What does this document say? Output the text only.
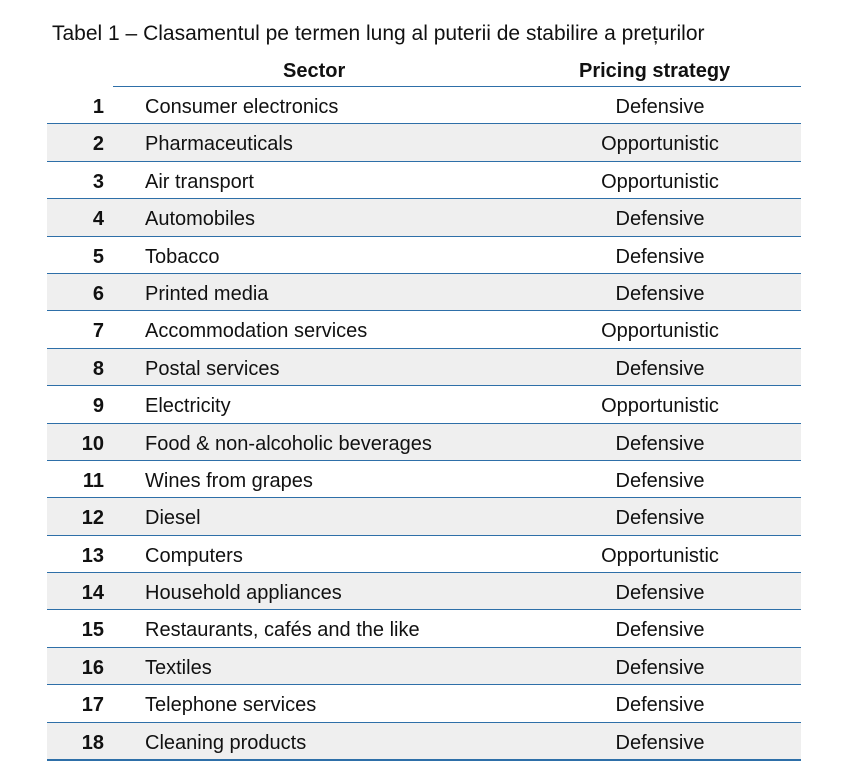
Tabel 1 – Clasamentul pe termen lung al puterii de stabilire a prețurilor
Sector	Pricing strategy
1 Consumer electronics	Defensive
2 Pharmaceuticals	Opportunistic
3 Air transport	Opportunistic
4 Automobiles	Defensive
5 Tobacco	Defensive
6 Printed media	Defensive
7 Accommodation services	Opportunistic
8 Postal services	Defensive
9 Electricity	Opportunistic
10 Food & non-alcoholic beverages	Defensive
11 Wines from grapes	Defensive
12 Diesel	Defensive
13 Computers	Opportunistic
14 Household appliances	Defensive
15 Restaurants, cafés and the like	Defensive
16 Textiles	Defensive
17 Telephone services	Defensive
18 Cleaning products	Defensive
